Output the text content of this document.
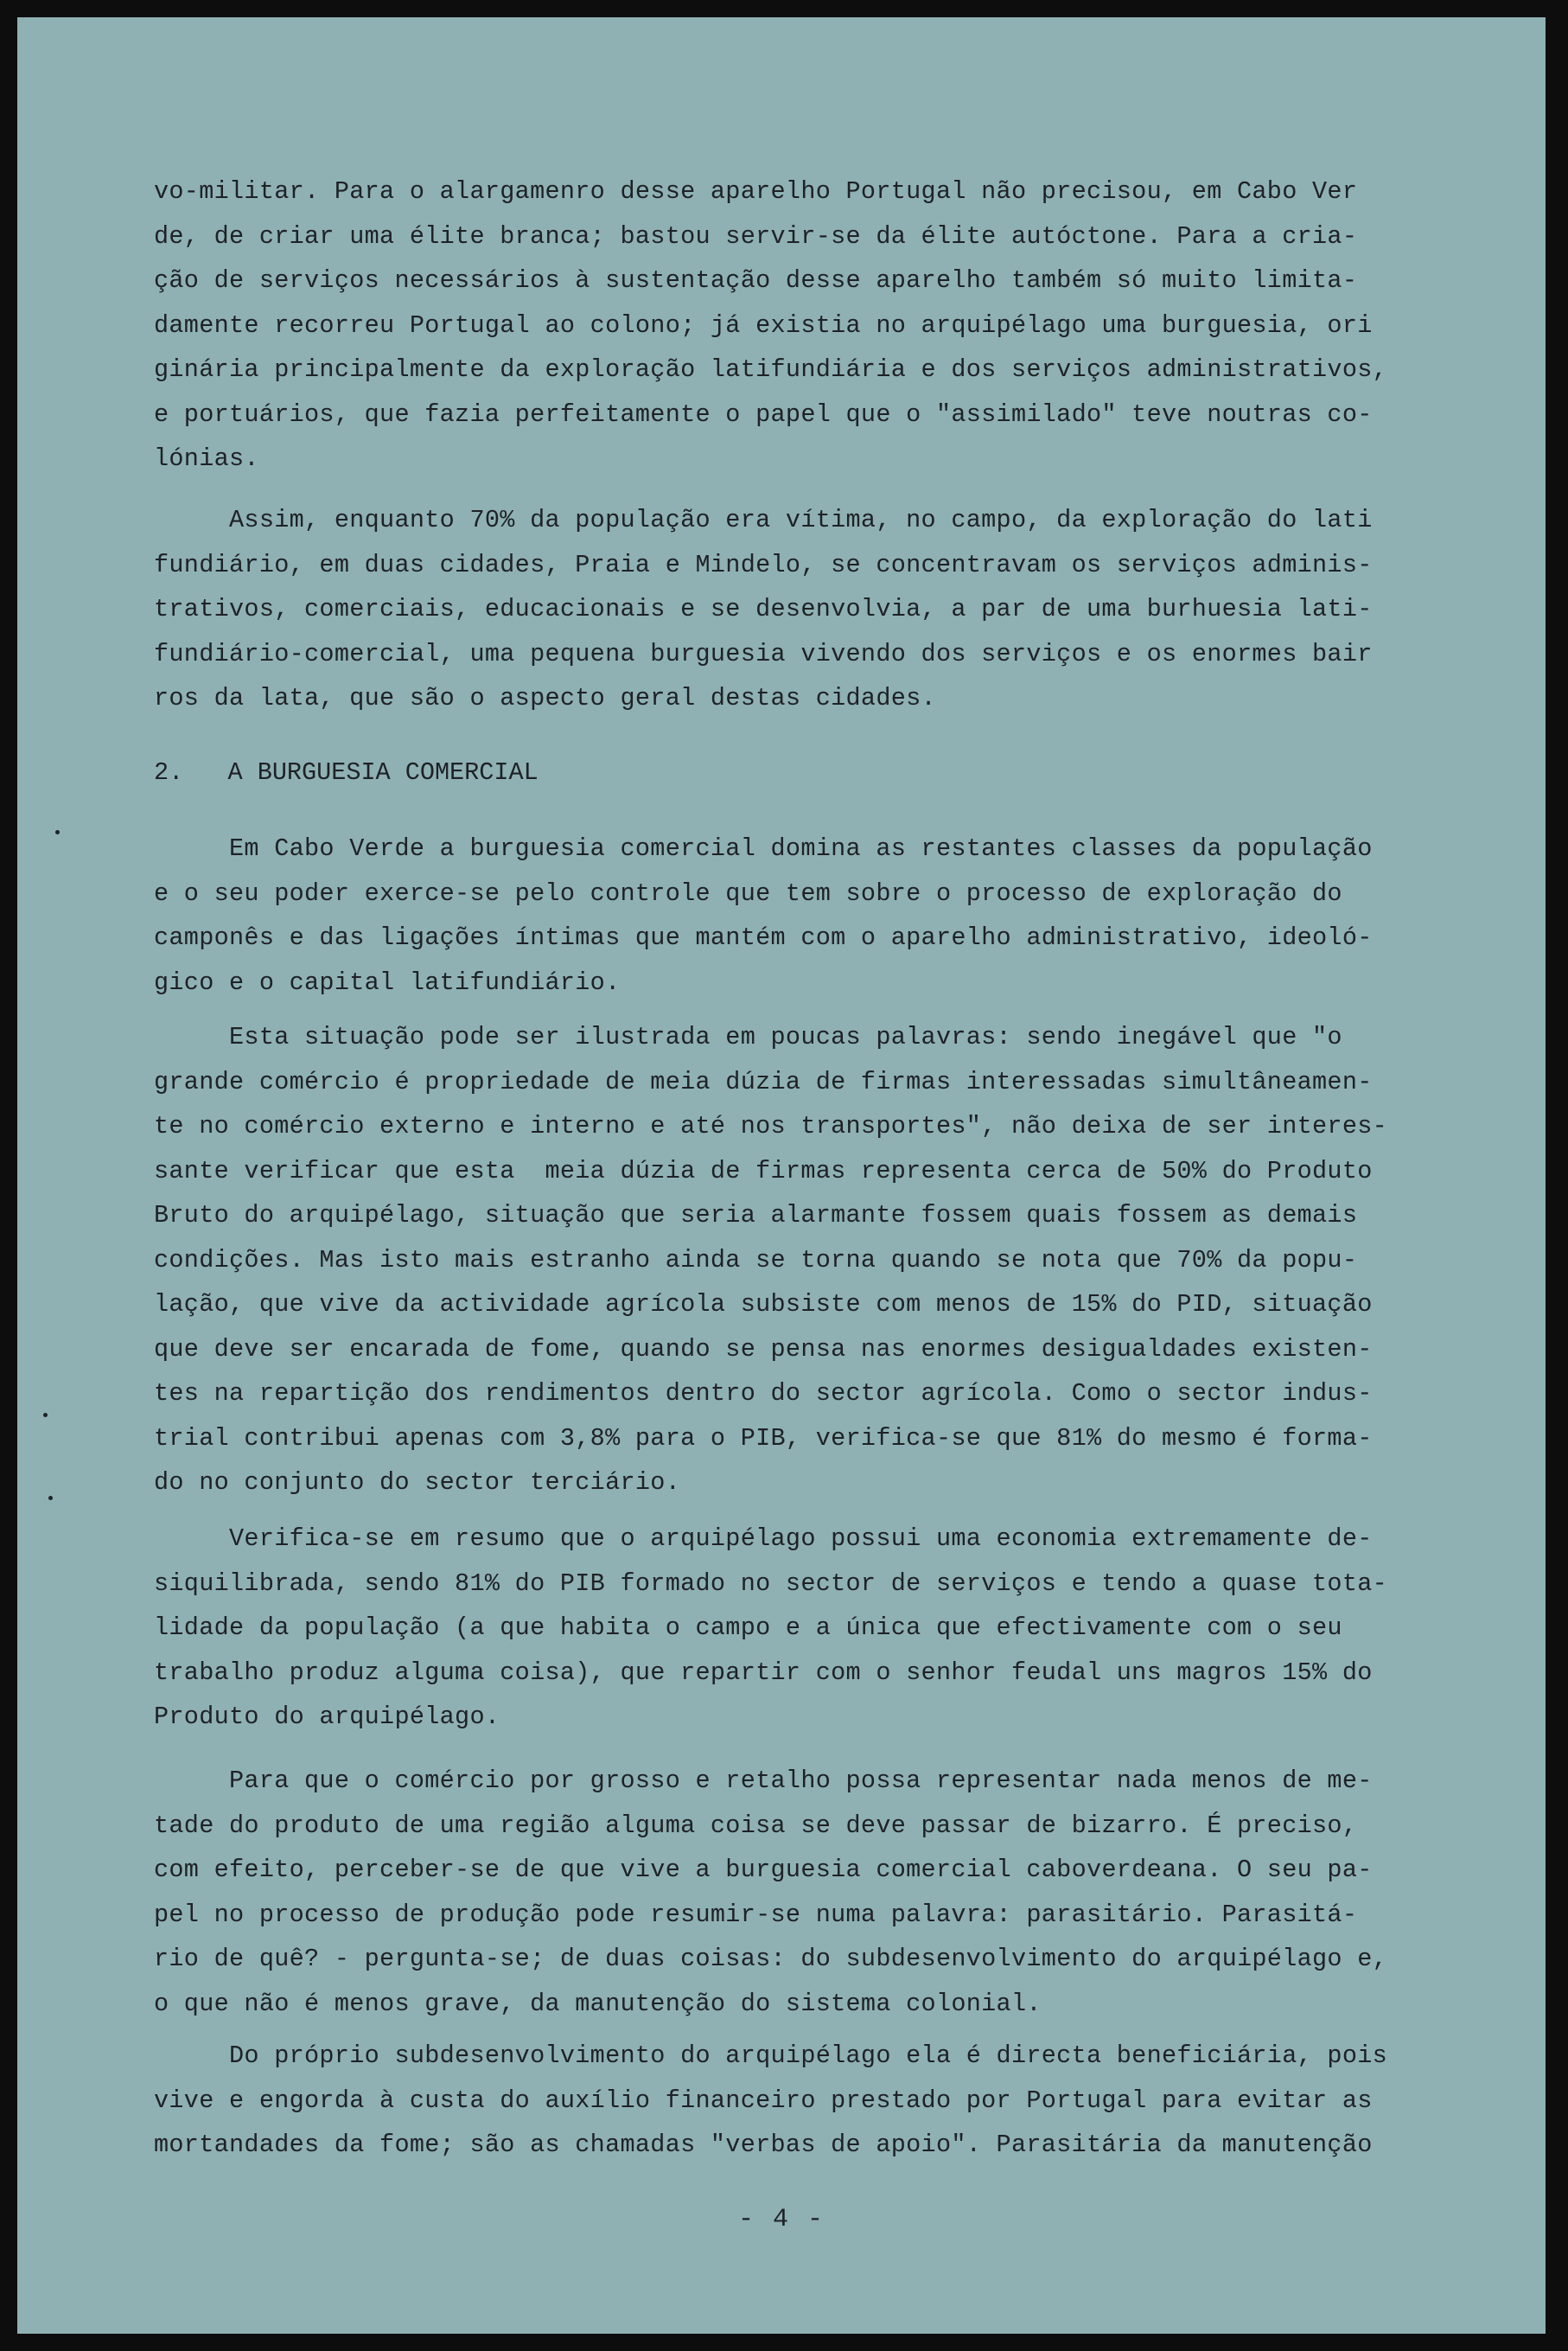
vo-militar. Para o alargamenro desse aparelho Portugal não precisou, em Cabo Ver
de, de criar uma élite branca; bastou servir-se da élite autóctone. Para a cria-
ção de serviços necessários à sustentação desse aparelho também só muito limita-
damente recorreu Portugal ao colono; já existia no arquipélago uma burguesia, ori
ginária principalmente da exploração latifundiária e dos serviços administrativos,
e portuários, que fazia perfeitamente o papel que o "assimilado" teve noutras co-
lónias.
Assim, enquanto 70% da população era vítima, no campo, da exploração do lati
fundiário, em duas cidades, Praia e Mindelo, se concentravam os serviços adminis-
trativos, comerciais, educacionais e se desenvolvia, a par de uma burhuesia lati-
fundiário-comercial, uma pequena burguesia vivendo dos serviços e os enormes bair
ros da lata, que são o aspecto geral destas cidades.
2.   A BURGUESIA COMERCIAL
Em Cabo Verde a burguesia comercial domina as restantes classes da população
e o seu poder exerce-se pelo controle que tem sobre o processo de exploração do
camponês e das ligações íntimas que mantém com o aparelho administrativo, ideoló-
gico e o capital latifundiário.
Esta situação pode ser ilustrada em poucas palavras: sendo inegável que "o
grande comércio é propriedade de meia dúzia de firmas interessadas simultâneamen-
te no comércio externo e interno e até nos transportes", não deixa de ser interes-
sante verificar que esta  meia dúzia de firmas representa cerca de 50% do Produto
Bruto do arquipélago, situação que seria alarmante fossem quais fossem as demais
condições. Mas isto mais estranho ainda se torna quando se nota que 70% da popu-
lação, que vive da actividade agrícola subsiste com menos de 15% do PID, situação
que deve ser encarada de fome, quando se pensa nas enormes desigualdades existen-
tes na repartição dos rendimentos dentro do sector agrícola. Como o sector indus-
trial contribui apenas com 3,8% para o PIB, verifica-se que 81% do mesmo é forma-
do no conjunto do sector terciário.
Verifica-se em resumo que o arquipélago possui uma economia extremamente de-
siquilibrada, sendo 81% do PIB formado no sector de serviços e tendo a quase tota-
lidade da população (a que habita o campo e a única que efectivamente com o seu
trabalho produz alguma coisa), que repartir com o senhor feudal uns magros 15% do
Produto do arquipélago.
Para que o comércio por grosso e retalho possa representar nada menos de me-
tade do produto de uma região alguma coisa se deve passar de bizarro. É preciso,
com efeito, perceber-se de que vive a burguesia comercial caboverdeana. O seu pa-
pel no processo de produção pode resumir-se numa palavra: parasitário. Parasitá-
rio de quê? - pergunta-se; de duas coisas: do subdesenvolvimento do arquipélago e,
o que não é menos grave, da manutenção do sistema colonial.
Do próprio subdesenvolvimento do arquipélago ela é directa beneficiária, pois
vive e engorda à custa do auxílio financeiro prestado por Portugal para evitar as
mortandades da fome; são as chamadas "verbas de apoio". Parasitária da manutenção
- 4 -
